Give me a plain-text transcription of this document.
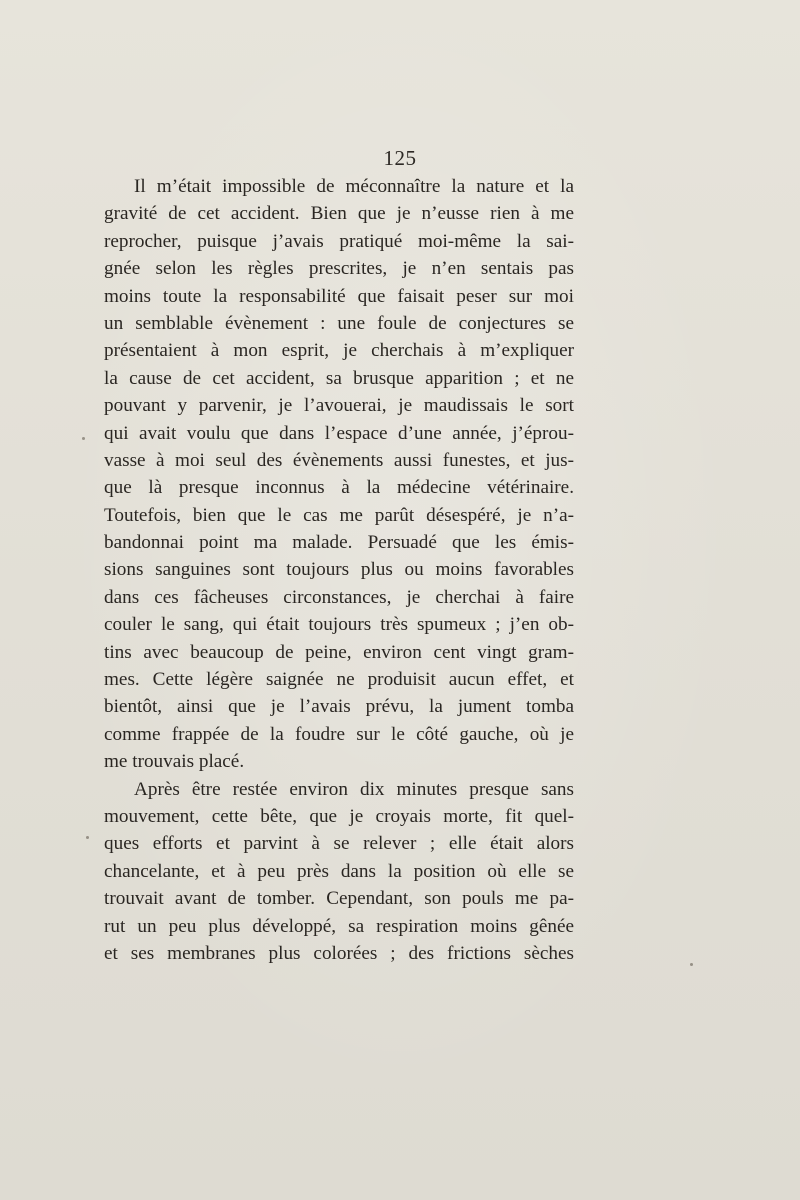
125
Il m’était impossible de méconnaître la nature et la
gravité de cet accident. Bien que je n’eusse rien à me
reprocher, puisque j’avais pratiqué moi-même la sai-
gnée selon les règles prescrites, je n’en sentais pas
moins toute la responsabilité que faisait peser sur moi
un semblable évènement : une foule de conjectures se
présentaient à mon esprit, je cherchais à m’expliquer
la cause de cet accident, sa brusque apparition ; et ne
pouvant y parvenir, je l’avouerai, je maudissais le sort
qui avait voulu que dans l’espace d’une année, j’éprou-
vasse à moi seul des évènements aussi funestes, et jus-
que là presque inconnus à la médecine vétérinaire.
Toutefois, bien que le cas me parût désespéré, je n’a-
bandonnai point ma malade. Persuadé que les émis-
sions sanguines sont toujours plus ou moins favorables
dans ces fâcheuses circonstances, je cherchai à faire
couler le sang, qui était toujours très spumeux ; j’en ob-
tins avec beaucoup de peine, environ cent vingt gram-
mes. Cette légère saignée ne produisit aucun effet, et
bientôt, ainsi que je l’avais prévu, la jument tomba
comme frappée de la foudre sur le côté gauche, où je
me trouvais placé.
Après être restée environ dix minutes presque sans
mouvement, cette bête, que je croyais morte, fit quel-
ques efforts et parvint à se relever ; elle était alors
chancelante, et à peu près dans la position où elle se
trouvait avant de tomber. Cependant, son pouls me pa-
rut un peu plus développé, sa respiration moins gênée
et ses membranes plus colorées ; des frictions sèches
